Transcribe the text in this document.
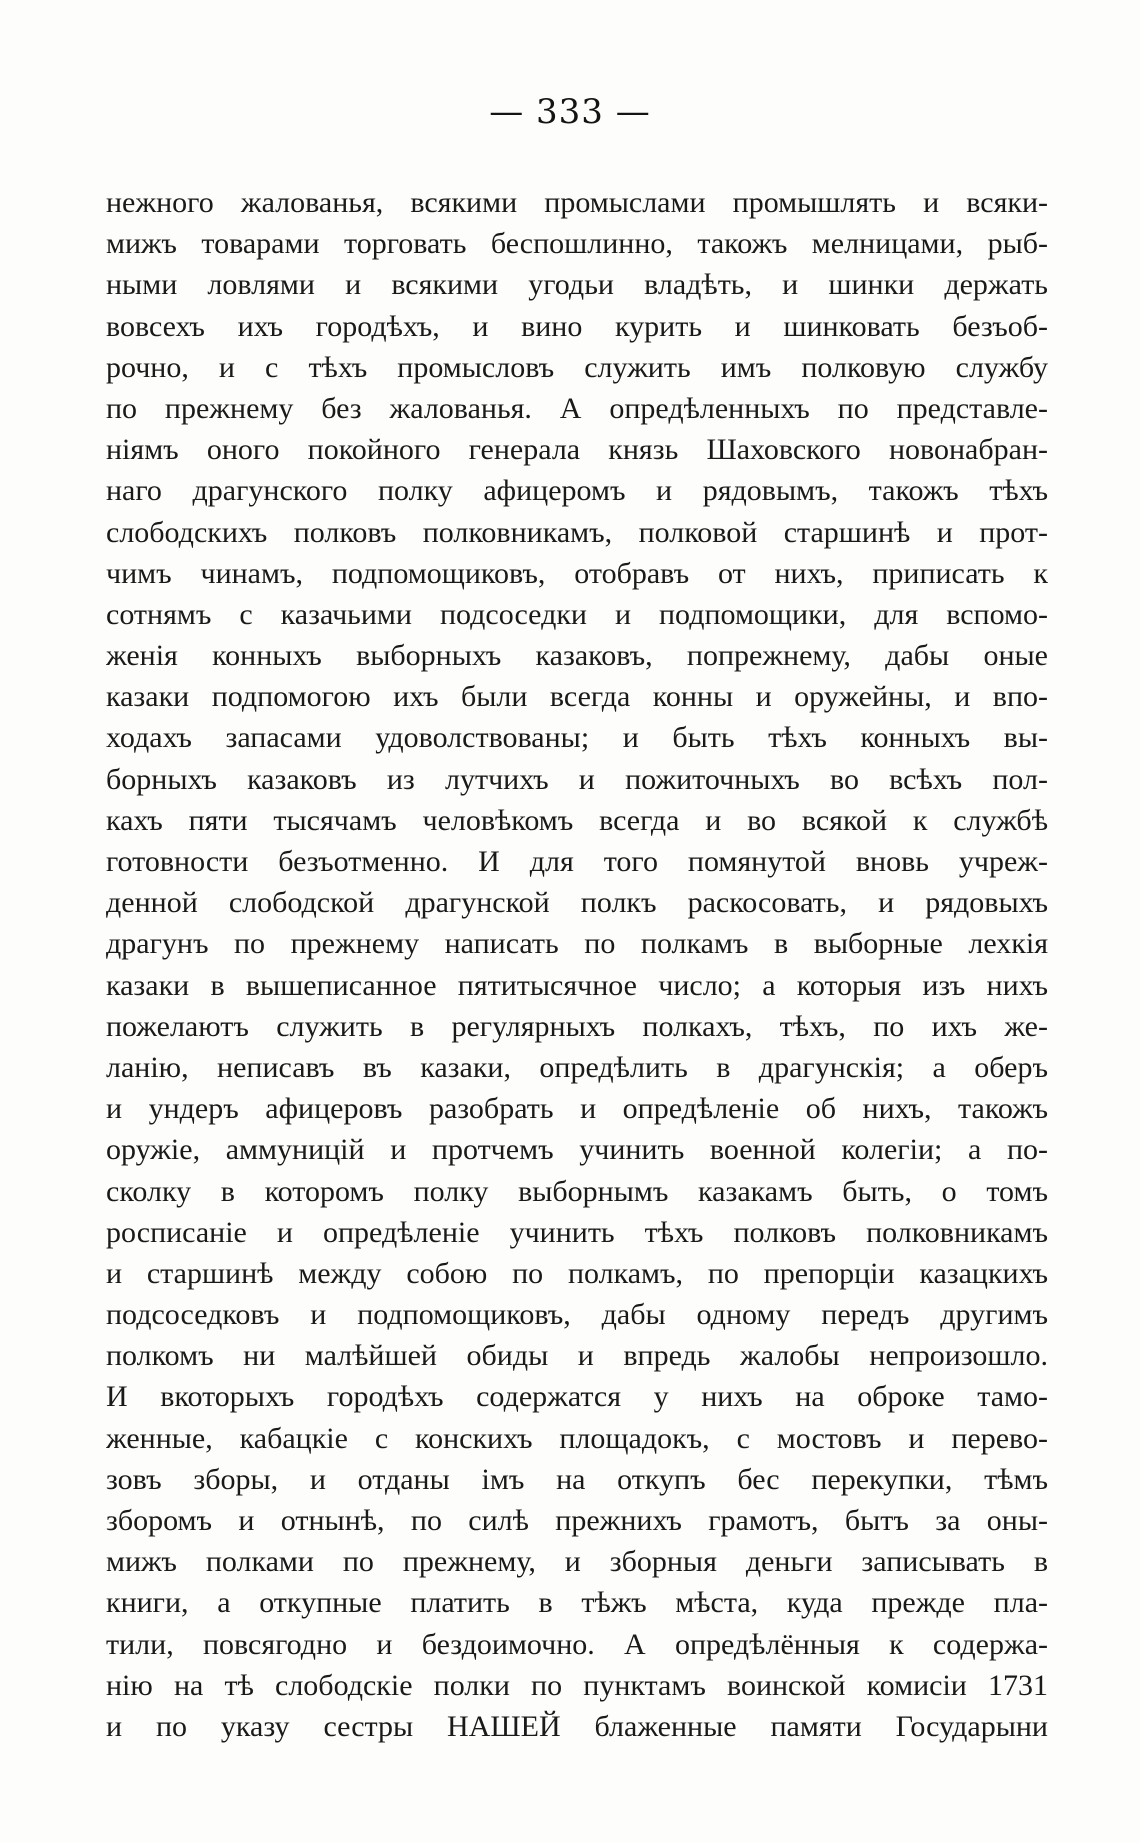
— 333 —
нежного жалованья, всякими промыслами промышлять и всяки-
мижъ товарами торговать беспошлинно, такожъ мелницами, рыб-
ными ловлями и всякими угодьи владѣть, и шинки держать
вовсехъ ихъ городѣхъ, и вино курить и шинковать безъоб-
рочно, и с тѣхъ промысловъ служить имъ полковую службу
по прежнему без жалованья. А опредѣленныхъ по представле-
ніямъ оного покойного генерала князь Шаховского новонабран-
наго драгунского полку афицеромъ и рядовымъ, такожъ тѣхъ
слободскихъ полковъ полковникамъ, полковой старшинѣ и прот-
чимъ чинамъ, подпомощиковъ, отобравъ от нихъ, приписать к
сотнямъ с казачьими подсоседки и подпомощики, для вспомо-
женія конныхъ выборныхъ казаковъ, попрежнему, дабы оные
казаки подпомогою ихъ были всегда конны и оружейны, и впо-
ходахъ запасами удоволствованы; и быть тѣхъ конныхъ вы-
борныхъ казаковъ из лутчихъ и пожиточныхъ во всѣхъ пол-
кахъ пяти тысячамъ человѣкомъ всегда и во всякой к службѣ
готовности безъотменно. И для того помянутой вновь учреж-
денной слободской драгунской полкъ раскосовать, и рядовыхъ
драгунъ по прежнему написать по полкамъ в выборные лехкія
казаки в вышеписанное пятитысячное число; а которыя изъ нихъ
пожелаютъ служить в регулярныхъ полкахъ, тѣхъ, по ихъ же-
ланію, неписавъ въ казаки, опредѣлить в драгунскія; а оберъ
и ундеръ афицеровъ разобрать и опредѣленіе об нихъ, такожъ
оружіе, аммуницій и протчемъ учинить военной колегіи; а по-
сколку в которомъ полку выборнымъ казакамъ быть, о томъ
росписаніе и опредѣленіе учинить тѣхъ полковъ полковникамъ
и старшинѣ между собою по полкамъ, по препорціи казацкихъ
подсоседковъ и подпомощиковъ, дабы одному передъ другимъ
полкомъ ни малѣйшей обиды и впредь жалобы непроизошло.
И вкоторыхъ городѣхъ содержатся у нихъ на оброке тамо-
женные, кабацкіе с конскихъ площадокъ, с мостовъ и перево-
зовъ зборы, и отданы імъ на откупъ бес перекупки, тѣмъ
зборомъ и отнынѣ, по силѣ прежнихъ грамотъ, бытъ за оны-
мижъ полками по прежнему, и зборныя деньги записывать в
книги, а откупные платить в тѣжъ мѣста, куда прежде пла-
тили, повсягодно и бездоимочно. А опредѣлённыя к содержа-
нію на тѣ слободскіе полки по пунктамъ воинской комисіи 1731
и по указу сестры НАШЕЙ блаженные памяти Государыни
